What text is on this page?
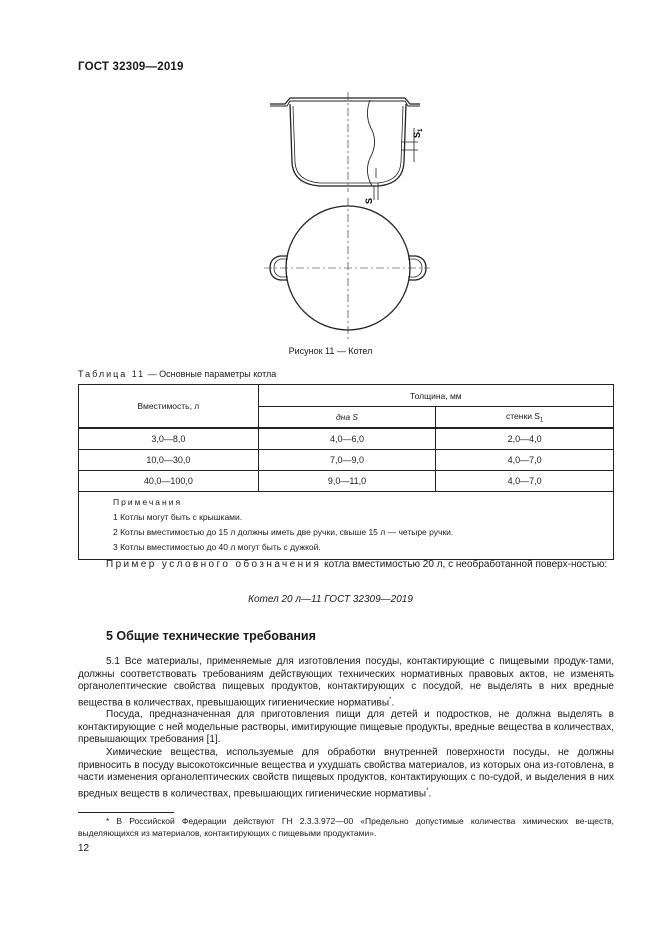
ГОСТ 32309—2019
$S_1$
S
Рисунок 11 — Котел
Таблица 11 — Основные параметры котла
Вместимость, л	Толщина, мм	
	дна S	стенки $S_1$
3,0—8,0	4,0—6,0	2,0—4,0
10,0—30,0	7,0—9,0	4,0—7,0
40,0—100,0	9,0—11,0	4,0—7,0

Примечания
1 Котлы могут быть с крышками.
2 Котлы вместимостью до 15 л должны иметь две ручки, свыше 15 л — четыре ручки.
3 Котлы вместимостью до 40 л могут быть с дужкой.		
Пример условного обозначения котла вместимостью 20 л, с необработанной поверх-ностью:
Котел 20 л—11 ГОСТ 32309—2019
5 Общие технические требования
5.1 Все материалы, применяемые для изготовления посуды, контактирующие с пищевыми продук-тами, должны соответствовать требованиям действующих технических нормативных правовых актов, не изменять органолептические свойства пищевых продуктов, контактирующих с посудой, не выделять в них вредные вещества в количествах, превышающих гигиенические нормативы*.
Посуда, предназначенная для приготовления пищи для детей и подростков, не должна выделять в контактирующие с ней модельные растворы, имитирующие пищевые продукты, вредные вещества в количествах, превышающих требования [1].
Химические вещества, используемые для обработки внутренней поверхности посуды, не должны привносить в посуду высокотоксичные вещества и ухудшать свойства материалов, из которых она из-готовлена, в части изменения органолептических свойств пищевых продуктов, контактирующих с по-судой, и выделения в них вредных веществ в количествах, превышающих гигиенические нормативы*.
* В Российской Федерации действуют ГН 2.3.3.972—00 «Предельно допустимые количества химических ве-ществ, выделяющихся из материалов, контактирующих с пищевыми продуктами».
12
